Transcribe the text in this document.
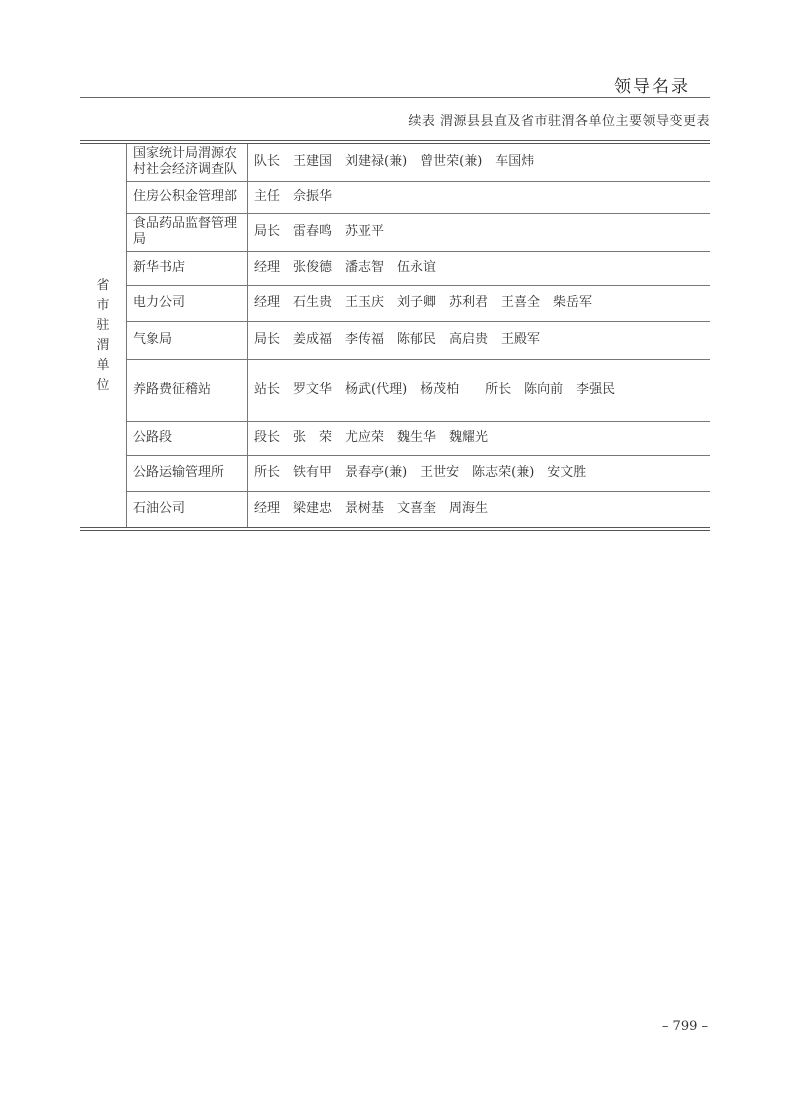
领导名录
续表 渭源县县直及省市驻渭各单位主要领导变更表
省市驻渭单位	国家统计局渭源农村社会经济调查队	队长　王建国　刘建禄(兼)　曾世荣(兼)　车国炜
	住房公积金管理部	主任　佘振华
	食品药品监督管理局	局长　雷春鸣　苏亚平
	新华书店	经理　张俊德　潘志智　伍永谊
	电力公司	经理　石生贵　王玉庆　刘子卿　苏利君　王喜全　柴岳军
	气象局	局长　姜成福　李传福　陈郁民　高启贵　王殿军
	养路费征稽站	站长　罗文华　杨武(代理)　杨茂柏　　所长　陈向前　李强民
	公路段	段长　张　荣　尤应荣　魏生华　魏耀光
	公路运输管理所	所长　铁有甲　景春亭(兼)　王世安　陈志荣(兼)　安文胜
	石油公司	经理　梁建忠　景树基　文喜奎　周海生
– 799 –
